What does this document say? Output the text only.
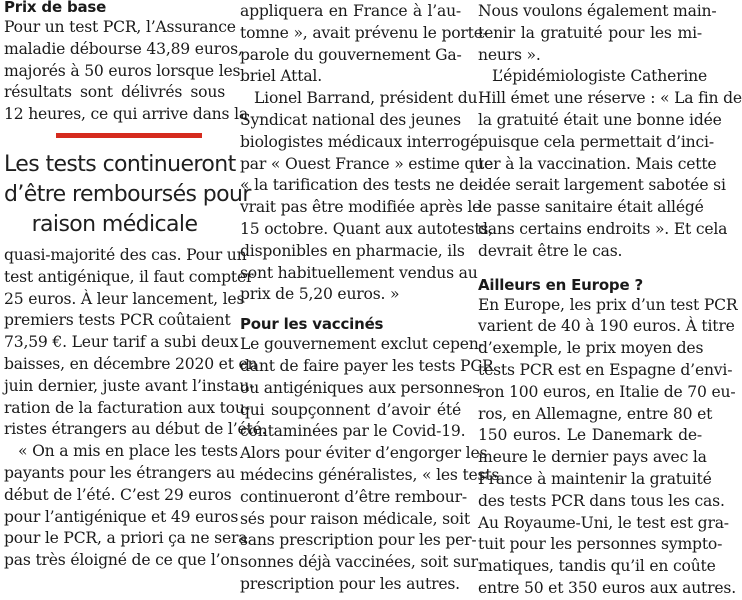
Prix de base

Pour un test PCR, l’Assurance
maladie débourse 43,89 euros,
majorés à 50 euros lorsque les
résultats sont délivrés sous
12 heures, ce qui arrive dans la

Les tests continueront
d’être remboursés pour
raison médicale

quasi-majorité des cas. Pour un
test antigénique, il faut compter
25 euros. À leur lancement, les
premiers tests PCR coûtaient
73,59 €. Leur tarif a subi deux
baisses, en décembre 2020 et en
juin dernier, juste avant l’instau-
ration de la facturation aux tou-
ristes étrangers au début de l’été.

« On a mis en place les tests
payants pour les étrangers au
début de l’été. C’est 29 euros
pour l’antigénique et 49 euros
pour le PCR, a priori ça ne sera
pas très éloigné de ce que l’on

appliquera en France à l’au-
tomne », avait prévenu le porte-
parole du gouvernement Ga-
briel Attal.

Lionel Barrand, président du
Syndicat national des jeunes
biologistes médicaux interrogé
par « Ouest France » estime que
« la tarification des tests ne de-
vrait pas être modifiée après le
15 octobre. Quant aux autotests,
disponibles en pharmacie, ils
sont habituellement vendus au
prix de 5,20 euros. »

Pour les vaccinés

Le gouvernement exclut cepen-
dant de faire payer les tests PCR
ou antigéniques aux personnes
qui soupçonnent d’avoir été
contaminées par le Covid-19.
Alors pour éviter d’engorger les
médecins généralistes, « les tests
continueront d’être rembour-
sés pour raison médicale, soit
sans prescription pour les per-
sonnes déjà vaccinées, soit sur
prescription pour les autres.

Nous voulons également main-
tenir la gratuité pour les mi-
neurs ».

L’épidémiologiste Catherine
Hill émet une réserve : « La fin de
la gratuité était une bonne idée
puisque cela permettait d’inci-
ter à la vaccination. Mais cette
idée serait largement sabotée si
le passe sanitaire était allégé
dans certains endroits ». Et cela
devrait être le cas.

Ailleurs en Europe ?

En Europe, les prix d’un test PCR
varient de 40 à 190 euros. À titre
d’exemple, le prix moyen des
tests PCR est en Espagne d’envi-
ron 100 euros, en Italie de 70 eu-
ros, en Allemagne, entre 80 et
150 euros. Le Danemark de-
meure le dernier pays avec la
France à maintenir la gratuité
des tests PCR dans tous les cas.
Au Royaume-Uni, le test est gra-
tuit pour les personnes sympto-
matiques, tandis qu’il en coûte
entre 50 et 350 euros aux autres.
